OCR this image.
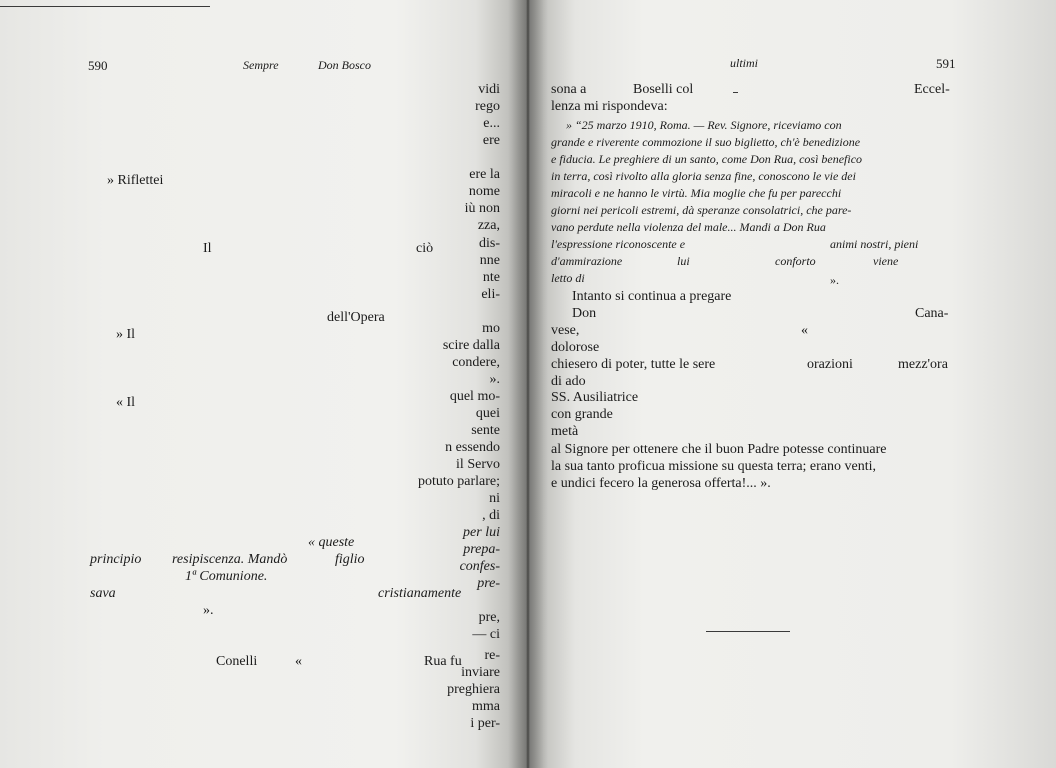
590	Sempre	Don Bosco
vidi
rego
e...
ere
ere la
nome
iù non
zza,
dis-
nne
nte
eli-
mo
scire dalla
condere,
».
quel mo-
quei
sente
n essendo
il Servo
potuto parlare;
ni
, di
per lui
prepa-
confes-
pre-
pre,
— ci
re-
inviare
preghiera
mma
i per-
» Riflettei
Il	ciò
dell'Opera
» Il
« Il
« queste
principio resipiscenza. Mandò	figlio
1ª Comunione.
sava	cristianamente
».
Conelli	«	Rua fu
ultimi	591
sona a	Boselli col	Eccel-
lenza mi rispondeva:
» “25 marzo 1910, Roma. — Rev. Signore, riceviamo con
grande e riverente commozione il suo biglietto, ch'è benedizione
e fiducia. Le preghiere di un santo, come Don Rua, così benefico
in terra, così rivolto alla gloria senza fine, conoscono le vie dei
miracoli e ne hanno le virtù. Mia moglie che fu per parecchi
giorni nei pericoli estremi, dà speranze consolatrici, che pare-
vano perdute nella violenza del male... Mandi a Don Rua
l'espressione riconoscente e	animi nostri, pieni
d'ammirazione	lui	conforto	viene
letto di	».
Intanto si continua a pregare
Don	Cana-
vese,	«
dolorose
chiesero di poter, tutte le sere	orazioni	mezz'ora
di ado
SS. Ausiliatrice
con grande
metà
al Signore per ottenere che il buon Padre potesse continuare
la sua tanto proficua missione su questa terra; erano venti,
e undici fecero la generosa offerta!... ».
